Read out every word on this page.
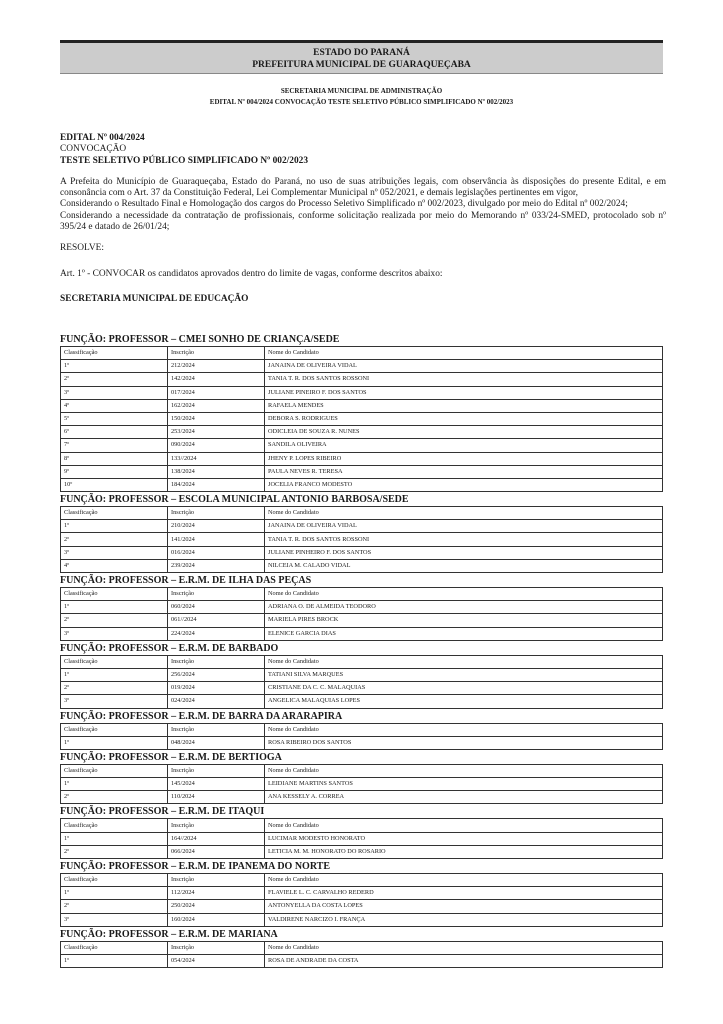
ESTADO DO PARANÁ
PREFEITURA MUNICIPAL DE GUARAQUEÇABA
SECRETARIA MUNICIPAL DE ADMINISTRAÇÃO
EDITAL Nº 004/2024 CONVOCAÇÃO TESTE SELETIVO PÚBLICO SIMPLIFICADO Nº 002/2023

EDITAL Nº 004/2024

CONVOCAÇÃO

TESTE SELETIVO PÚBLICO SIMPLIFICADO Nº 002/2023

A Prefeita do Município de Guaraqueçaba, Estado do Paraná, no uso de suas atribuições legais, com observância às disposições do presente Edital, e em consonância com o Art. 37 da Constituição Federal, Lei Complementar Municipal nº 052/2021, e demais legislações pertinentes em vigor,

Considerando o Resultado Final e Homologação dos cargos do Processo Seletivo Simplificado nº 002/2023, divulgado por meio do Edital nº 002/2024;

Considerando a necessidade da contratação de profissionais, conforme solicitação realizada por meio do Memorando nº 033/24-SMED, protocolado sob nº 395/24 e datado de 26/01/24;

RESOLVE:

Art. 1º - CONVOCAR os candidatos aprovados dentro do limite de vagas, conforme descritos abaixo:

SECRETARIA MUNICIPAL DE EDUCAÇÃO

FUNÇÃO: PROFESSOR – CMEI SONHO DE CRIANÇA/SEDE
Classificação	Inscrição	Nome do Candidato
1º	212/2024	JANAINA DE OLIVEIRA VIDAL
2º	142/2024	TANIA T. R. DOS SANTOS ROSSONI
3º	017/2024	JULIANE PINEIRO F. DOS SANTOS
4º	162/2024	RAFAELA MENDES
5º	150/2024	DEBORA S. RODRIGUES
6º	253/2024	ODICLEIA DE SOUZA R. NUNES
7º	090/2024	SANDILA OLIVEIRA
8º	133//2024	JHENY P. LOPES RIBEIRO
9º	138/2024	PAULA NEVES R. TERESA
10º	184/2024	JOCELIA FRANCO MODESTO
FUNÇÃO: PROFESSOR – ESCOLA MUNICIPAL ANTONIO BARBOSA/SEDE
Classificação	Inscrição	Nome do Candidato
1º	210/2024	JANAINA DE OLIVEIRA VIDAL
2º	141/2024	TANIA T. R. DOS SANTOS ROSSONI
3º	016/2024	JULIANE PINHEIRO F. DOS SANTOS
4º	239/2024	NILCEIA M. CALADO VIDAL
FUNÇÃO: PROFESSOR – E.R.M. DE ILHA DAS PEÇAS
Classificação	Inscrição	Nome do Candidato
1º	060/2024	ADRIANA O. DE ALMEIDA TEODORO
2º	061//2024	MARIELA PIRES BROCK
3º	224/2024	ELENICE GARCIA DIAS
FUNÇÃO: PROFESSOR – E.R.M. DE BARBADO
Classificação	Inscrição	Nome do Candidato
1º	256/2024	TATIANI SILVA MARQUES
2º	019/2024	CRISTIANE DA C. C. MALAQUIAS
3º	024/2024	ANGELICA MALAQUIAS LOPES
FUNÇÃO: PROFESSOR – E.R.M. DE BARRA DA ARARAPIRA
Classificação	Inscrição	Nome do Candidato
1º	048/2024	ROSA RIBEIRO DOS SANTOS
FUNÇÃO: PROFESSOR – E.R.M. DE BERTIOGA
Classificação	Inscrição	Nome do Candidato
1º	145/2024	LEIDIANE MARTINS SANTOS
2º	110/2024	ANA KESSELY A. CORREA
FUNÇÃO: PROFESSOR – E.R.M. DE ITAQUI
Classificação	Inscrição	Nome do Candidato
1º	164//2024	LUCIMAR MODESTO HONORATO
2º	066/2024	LETICIA M. M. HONORATO DO ROSARIO
FUNÇÃO: PROFESSOR – E.R.M. DE IPANEMA DO NORTE
Classificação	Inscrição	Nome do Candidato
1º	112/2024	FLAVIELE L. C. CARVALHO REDERD
2º	250/2024	ANTONYELLA DA COSTA LOPES
3º	160/2024	VALDIRENE NARCIZO I. FRANÇA
FUNÇÃO: PROFESSOR – E.R.M. DE MARIANA
Classificação	Inscrição	Nome do Candidato
1º	054/2024	ROSA DE ANDRADE DA COSTA
